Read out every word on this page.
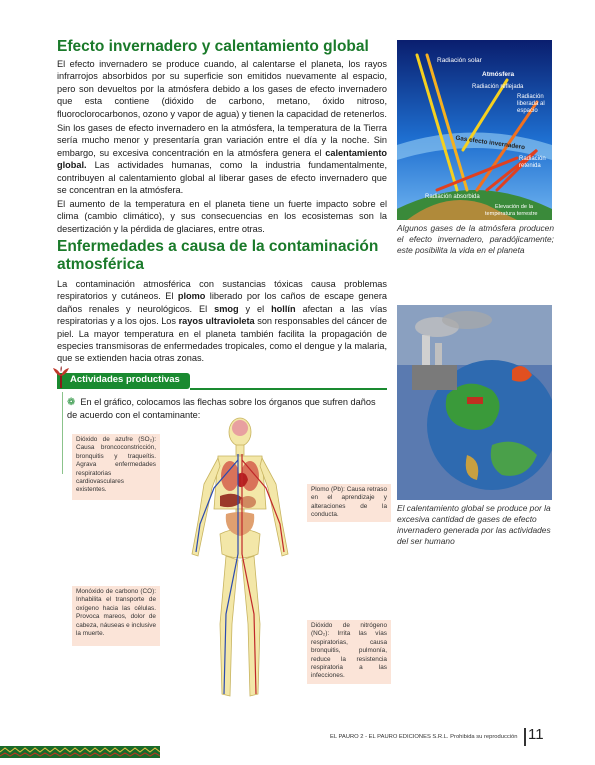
Efecto invernadero y calentamiento global

El efecto invernadero se produce cuando, al calentarse el planeta, los rayos infrarrojos absorbidos por su superficie son emitidos nuevamente al espacio, pero son devueltos por la atmósfera debido a los gases de efecto invernadero que esta contiene (dióxido de carbono, metano, óxido nitroso, fluoroclorocarbonos, ozono y vapor de agua) y tienen la capacidad de retenerlos.

Sin los gases de efecto invernadero en la atmósfera, la temperatura de la Tierra sería mucho menor y presentaría gran variación entre el día y la noche. Sin embargo, su excesiva concentración en la atmósfera genera el calentamiento global. Las actividades humanas, como la industria fundamentalmente, contribuyen al calentamiento global al liberar gases de efecto invernadero que se concentran en la atmósfera.

El aumento de la temperatura en el planeta tiene un fuerte impacto sobre el clima (cambio climático), y sus consecuencias en los ecosistemas son la desertización y la pérdida de glaciares, entre otras.

Enfermedades a causa de la contaminación atmosférica

La contaminación atmosférica con sustancias tóxicas causa problemas respiratorios y cutáneos. El plomo liberado por los caños de escape genera daños renales y neurológicos. El smog y el hollín afectan a las vías respiratorias y a los ojos. Los rayos ultravioleta son responsables del cáncer de piel. La mayor temperatura en el planeta también facilita la propagación de especies transmisoras de enfermedades tropicales, como el dengue y la malaria, que se extienden hacia otras zonas.

Actividades productivas
❁ En el gráfico, colocamos las flechas sobre los órganos que sufren daños de acuerdo con el contaminante:
Dióxido de azufre (SO₂): Causa broncoconstricción, bronquitis y traqueítis. Agrava enfermedades respiratorias cardiovasculares existentes.	Plomo (Pb): Causa retraso en el aprendizaje y alteraciones de la conducta.
Monóxido de carbono (CO): Inhabilita el transporte de oxígeno hacia las células. Provoca mareos, dolor de cabeza, náuseas e inclusive la muerte.
Dióxido de nitrógeno (NO₂): Irrita las vías respiratorias, causa bronquitis, pulmonía, reduce la resistencia respiratoria a las infecciones.
Radiación solar
Atmósfera
Radiación reflejada
Radiación liberada al espacio
Gas efecto invernadero
Radiación retenida
Radiación absorbida
Elevación de la temperatura terrestre
Algunos gases de la atmósfera producen el efecto invernadero, paradójicamente; este posibilita la vida en el planeta
El calentamiento global se produce por la excesiva cantidad de gases de efecto invernadero generada por las actividades del ser humano
EL PAURO 2 - EL PAURO EDICIONES S.R.L. Prohibida su reproducción 11
